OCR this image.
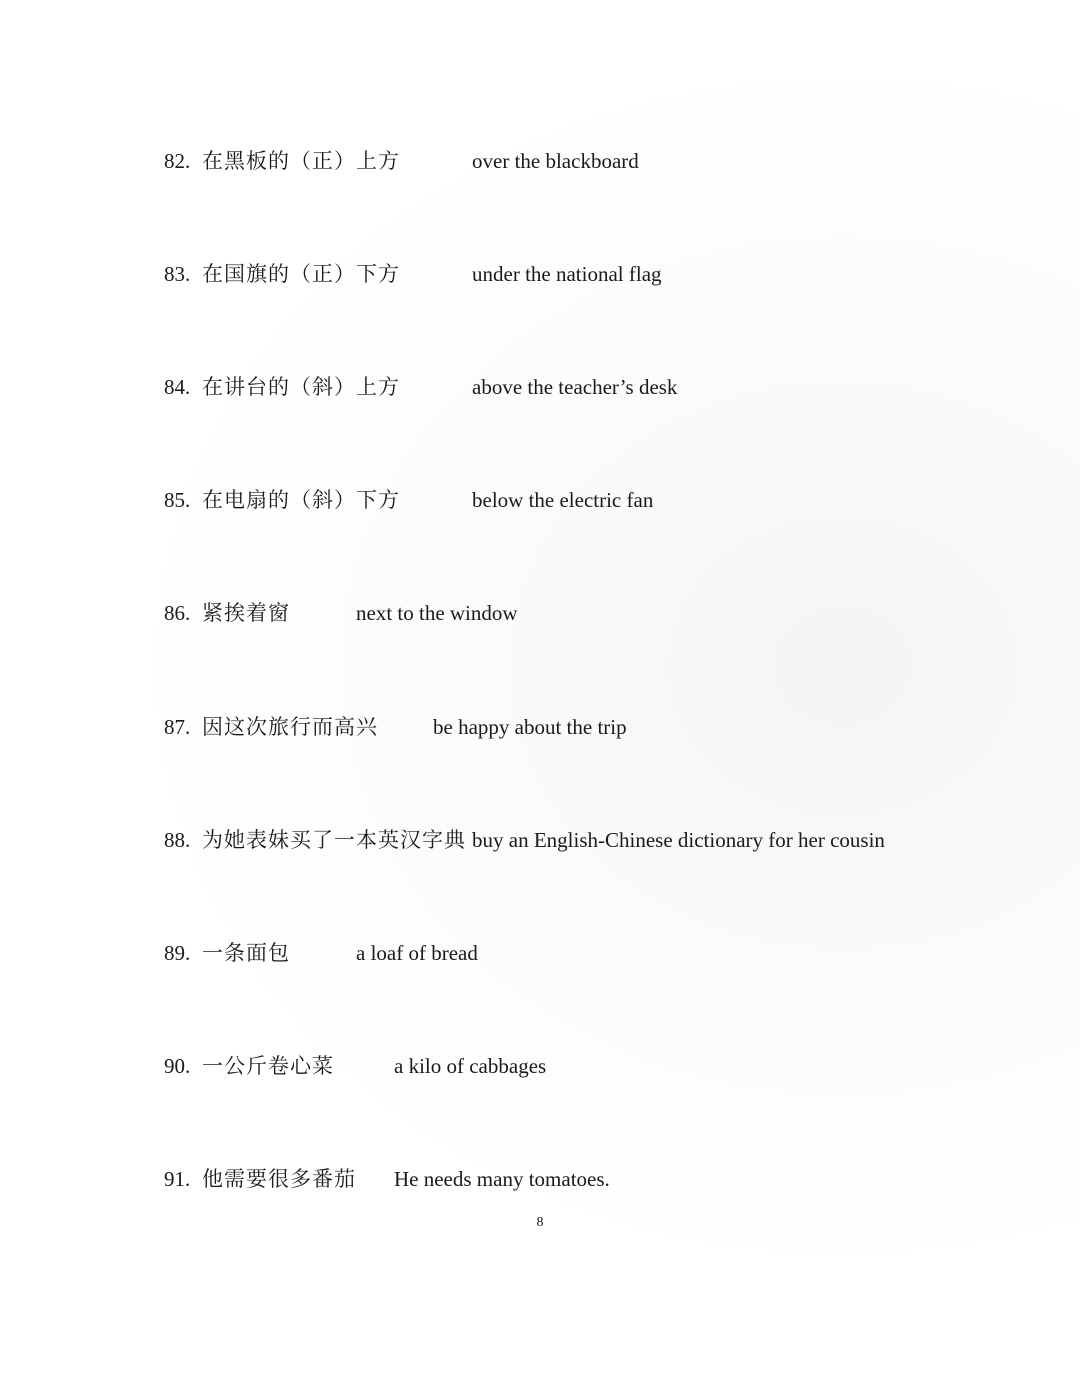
82. 在黑板的（正）上方	over the blackboard
83. 在国旗的（正）下方	under the national flag
84. 在讲台的（斜）上方	above the teacher’s desk
85. 在电扇的（斜）下方	below the electric fan
86. 紧挨着窗	next to the window
87. 因这次旅行而高兴	be happy about the trip
88. 为她表妹买了一本英汉字典 buy an English-Chinese dictionary for her cousin
89. 一条面包	a loaf of bread
90. 一公斤卷心菜	a kilo of cabbages
91. 他需要很多番茄 He needs many tomatoes.
8
